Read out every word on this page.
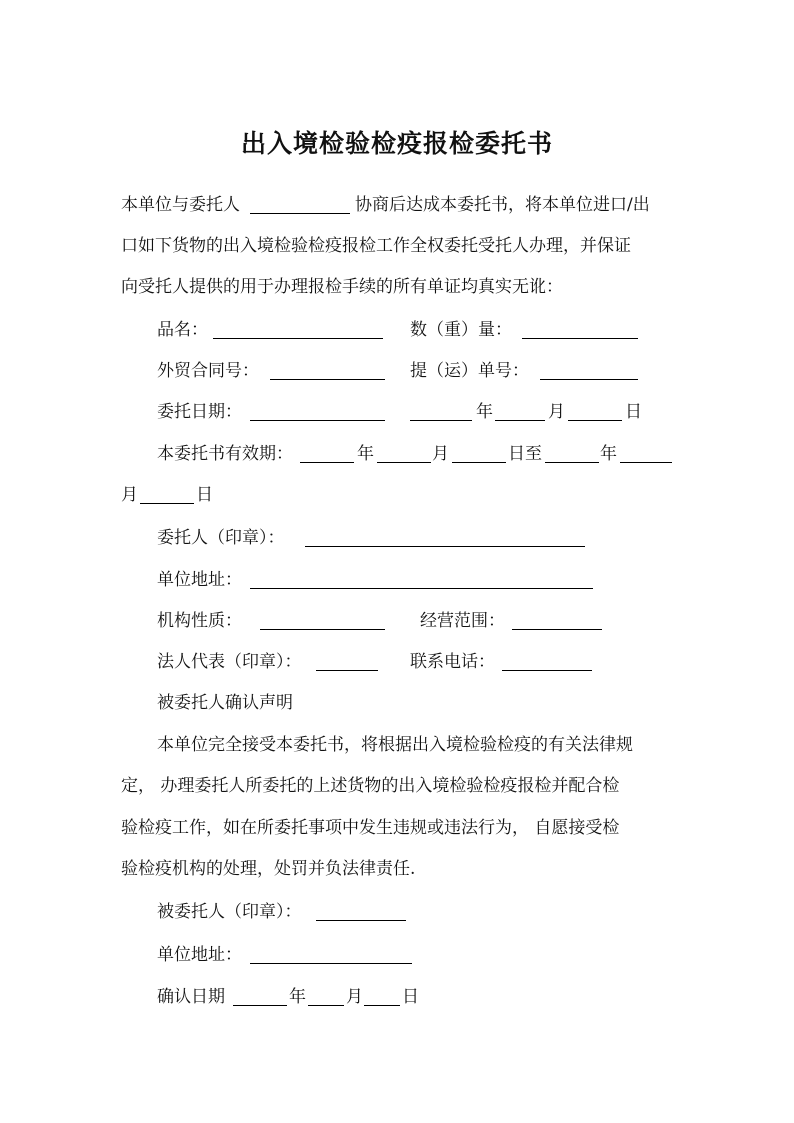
出入境检验检疫报检委托书
本单位与委托人	协商后达成本委托书，将本单位进口/出
口如下货物的出入境检验检疫报检工作全权委托受托人办理，并保证
向受托人提供的用于办理报检手续的所有单证均真实无讹：
品名：	数（重）量：
外贸合同号：	提（运）单号：
委托日期：	年	月	日
本委托书有效期：	年	月	日至	年
月	日
委托人（印章）：
单位地址：
机构性质：	经营范围：
法人代表（印章）：	联系电话：
被委托人确认声明
本单位完全接受本委托书，将根据出入境检验检疫的有关法律规
定， 办理委托人所委托的上述货物的出入境检验检疫报检并配合检
验检疫工作，如在所委托事项中发生违规或违法行为， 自愿接受检
验检疫机构的处理，处罚并负法律责任.
被委托人（印章）：
单位地址：
确认日期	年 月 日
